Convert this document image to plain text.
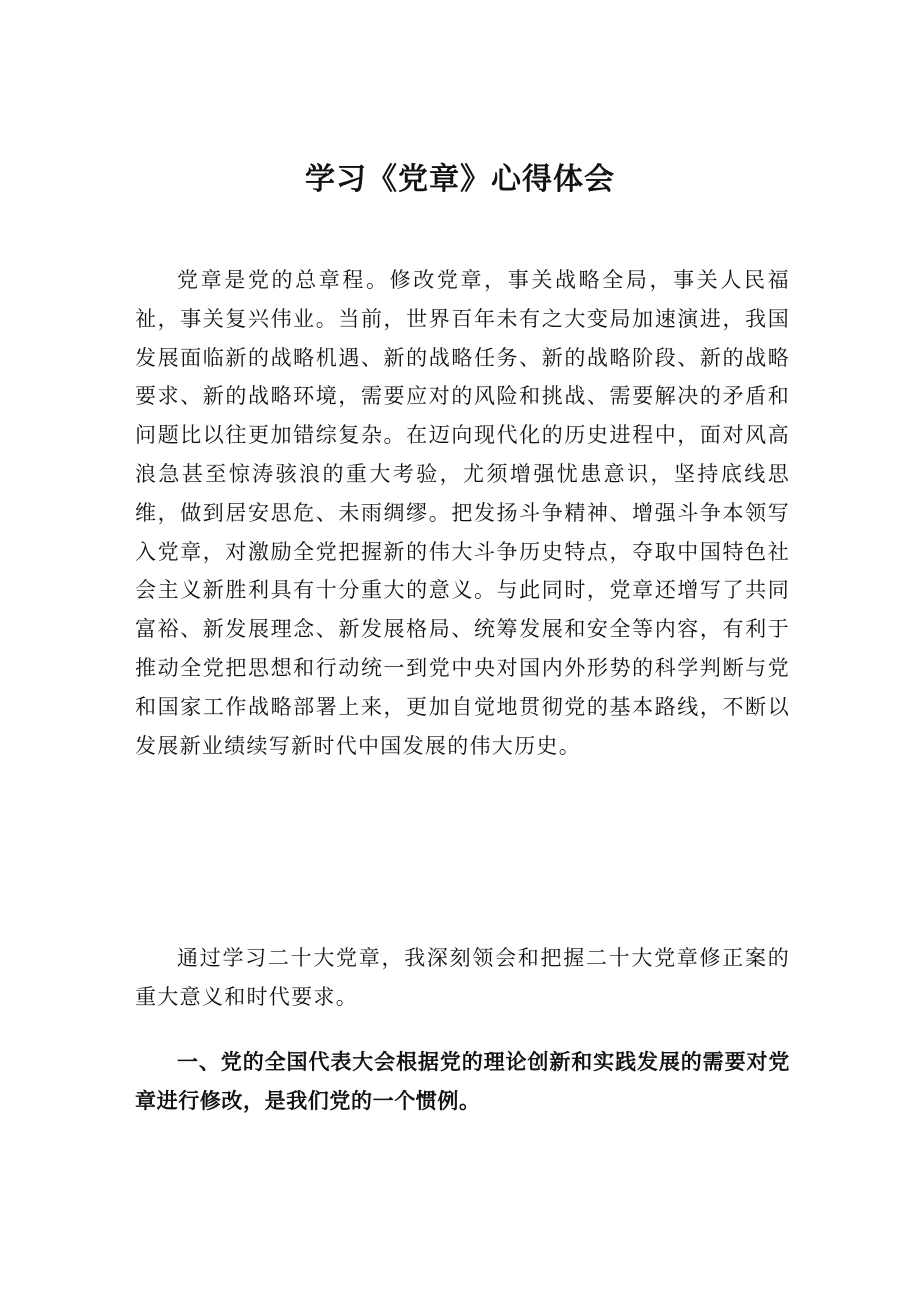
学习《党章》心得体会

党章是党的总章程。修改党章，事关战略全局，事关人民福祉，事关复兴伟业。当前，世界百年未有之大变局加速演进，我国发展面临新的战略机遇、新的战略任务、新的战略阶段、新的战略要求、新的战略环境，需要应对的风险和挑战、需要解决的矛盾和问题比以往更加错综复杂。在迈向现代化的历史进程中，面对风高浪急甚至惊涛骇浪的重大考验，尤须增强忧患意识，坚持底线思维，做到居安思危、未雨绸缪。把发扬斗争精神、增强斗争本领写入党章，对激励全党把握新的伟大斗争历史特点，夺取中国特色社会主义新胜利具有十分重大的意义。与此同时，党章还增写了共同富裕、新发展理念、新发展格局、统筹发展和安全等内容，有利于推动全党把思想和行动统一到党中央对国内外形势的科学判断与党和国家工作战略部署上来，更加自觉地贯彻党的基本路线，不断以发展新业绩续写新时代中国发展的伟大历史。

通过学习二十大党章，我深刻领会和把握二十大党章修正案的重大意义和时代要求。

一、党的全国代表大会根据党的理论创新和实践发展的需要对党章进行修改，是我们党的一个惯例。
